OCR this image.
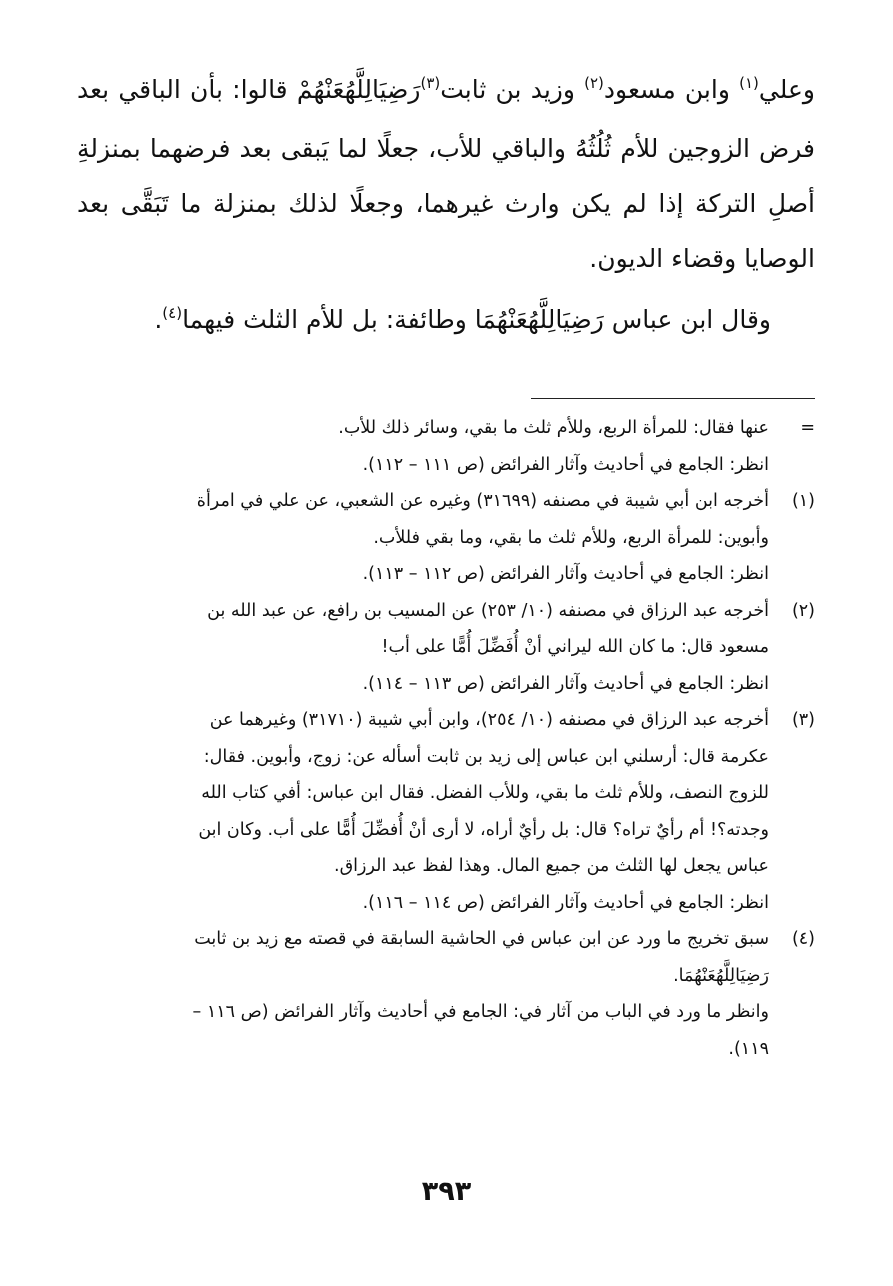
وعلي$^{(١)}$ وابن مسعود$^{(٢)}$ وزيد بن ثابت$^{(٣)}$رَضِيَالِلَّهُعَنْهُمْ قالوا: بأن الباقي بعد فرض الزوجين للأم ثُلُثُهُ والباقي للأب، جعلًا لما يَبقى بعد فرضهما بمنزلةِ أصلِ التركة إذا لم يكن وارث غيرهما، وجعلًا لذلك بمنزلة ما تَبَقَّى بعد الوصايا وقضاء الديون.

وقال ابن عباس رَضِيَالِلَّهُعَنْهُمَا وطائفة: بل للأم الثلث فيهما$^{(٤)}$.

=
عنها فقال: للمرأة الربع، وللأم ثلث ما بقي، وسائر ذلك للأب.
انظر: الجامع في أحاديث وآثار الفرائض (ص ١١١ – ١١٢).
(١)
أخرجه ابن أبي شيبة في مصنفه (٣١٦٩٩) وغيره عن الشعبي، عن علي في امرأة
وأبوين: للمرأة الربع، وللأم ثلث ما بقي، وما بقي فللأب.
انظر: الجامع في أحاديث وآثار الفرائض (ص ١١٢ – ١١٣).
(٢)
أخرجه عبد الرزاق في مصنفه (١٠/ ٢٥٣) عن المسيب بن رافع، عن عبد الله بن
مسعود قال: ما كان الله ليراني أنْ أُفَضِّلَ أُمًّا على أب!
انظر: الجامع في أحاديث وآثار الفرائض (ص ١١٣ – ١١٤).
(٣)
أخرجه عبد الرزاق في مصنفه (١٠/ ٢٥٤)، وابن أبي شيبة (٣١٧١٠) وغيرهما عن
عكرمة قال: أرسلني ابن عباس إلى زيد بن ثابت أسأله عن: زوج، وأبوين. فقال:
للزوج النصف، وللأم ثلث ما بقي، وللأب الفضل. فقال ابن عباس: أفي كتاب الله
وجدته؟! أم رأيٌ تراه؟ قال: بل رأيٌ أراه، لا أرى أنْ أُفضِّلَ أُمًّا على أب. وكان ابن
عباس يجعل لها الثلث من جميع المال. وهذا لفظ عبد الرزاق.
انظر: الجامع في أحاديث وآثار الفرائض (ص ١١٤ – ١١٦).
(٤)
سبق تخريج ما ورد عن ابن عباس في الحاشية السابقة في قصته مع زيد بن ثابت
رَضِيَالِلَّهُعَنْهُمَا.
وانظر ما ورد في الباب من آثار في: الجامع في أحاديث وآثار الفرائض (ص ١١٦ –
١١٩).
٣٩٣
